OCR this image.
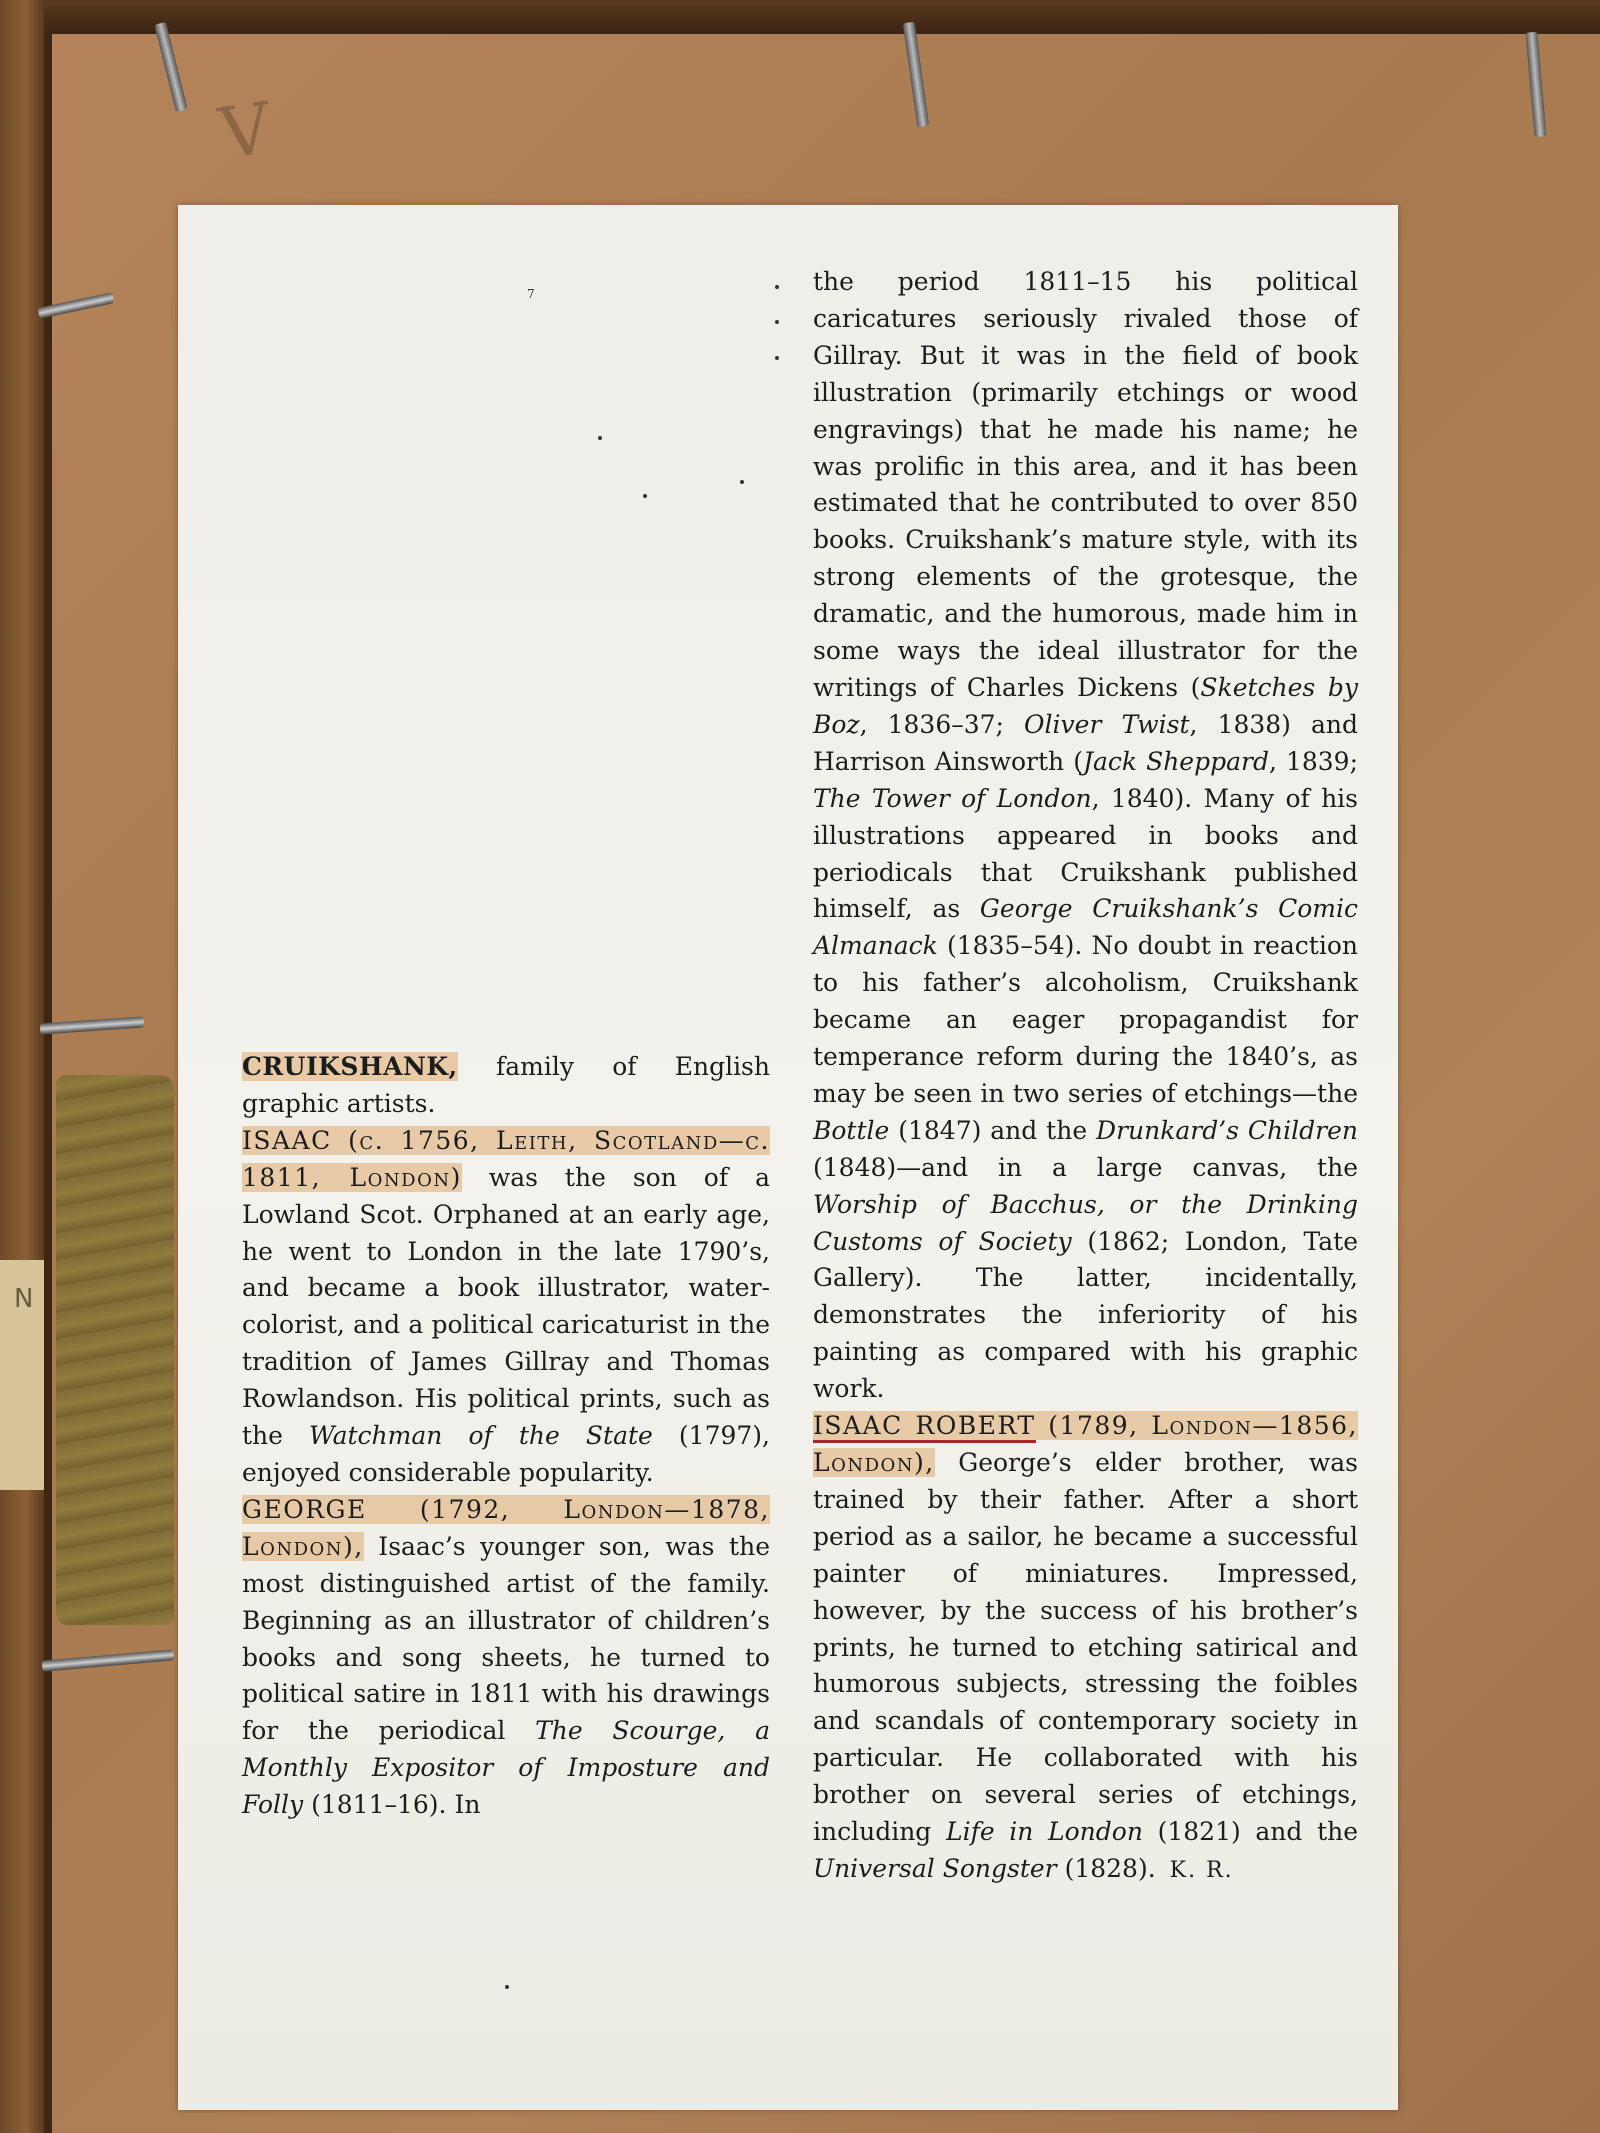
N
V
7

CRUIKSHANK, family of English graphic artists.

ISAAC (c. 1756, Leith, Scotland—c. 1811, London) was the son of a Lowland Scot. Orphaned at an early age, he went to London in the late 1790’s, and became a book illustrator, water-colorist, and a political caricaturist in the tradition of James Gillray and Thomas Rowlandson. His political prints, such as the Watchman of the State (1797), enjoyed considerable popularity.

GEORGE (1792, London—1878, London), Isaac’s younger son, was the most distinguished artist of the family. Beginning as an illustrator of children’s books and song sheets, he turned to political satire in 1811 with his drawings for the periodical The Scourge, a Monthly Expositor of Imposture and Folly (1811–16). In

the period 1811–15 his political caricatures seriously rivaled those of Gillray. But it was in the field of book illustration (primarily etchings or wood engravings) that he made his name; he was prolific in this area, and it has been estimated that he contributed to over 850 books. Cruikshank’s mature style, with its strong elements of the grotesque, the dramatic, and the humorous, made him in some ways the ideal illustrator for the writings of Charles Dickens (Sketches by Boz, 1836–37; Oliver Twist, 1838) and Harrison Ainsworth (Jack Sheppard, 1839; The Tower of London, 1840). Many of his illustrations appeared in books and periodicals that Cruikshank published himself, as George Cruikshank’s Comic Almanack (1835–54). No doubt in reaction to his father’s alcoholism, Cruikshank became an eager propagandist for temperance reform during the 1840’s, as may be seen in two series of etchings—the Bottle (1847) and the Drunkard’s Children (1848)—and in a large canvas, the Worship of Bacchus, or the Drinking Customs of Society (1862; London, Tate Gallery). The latter, incidentally, demonstrates the inferiority of his painting as compared with his graphic work.

ISAAC ROBERT (1789, London—1856, London), George’s elder brother, was trained by their father. After a short period as a sailor, he became a successful painter of miniatures. Impressed, however, by the success of his brother’s prints, he turned to etching satirical and humorous subjects, stressing the foibles and scandals of contemporary society in particular. He collaborated with his brother on several series of etchings, including Life in London (1821) and the Universal Songster (1828). K. R.
